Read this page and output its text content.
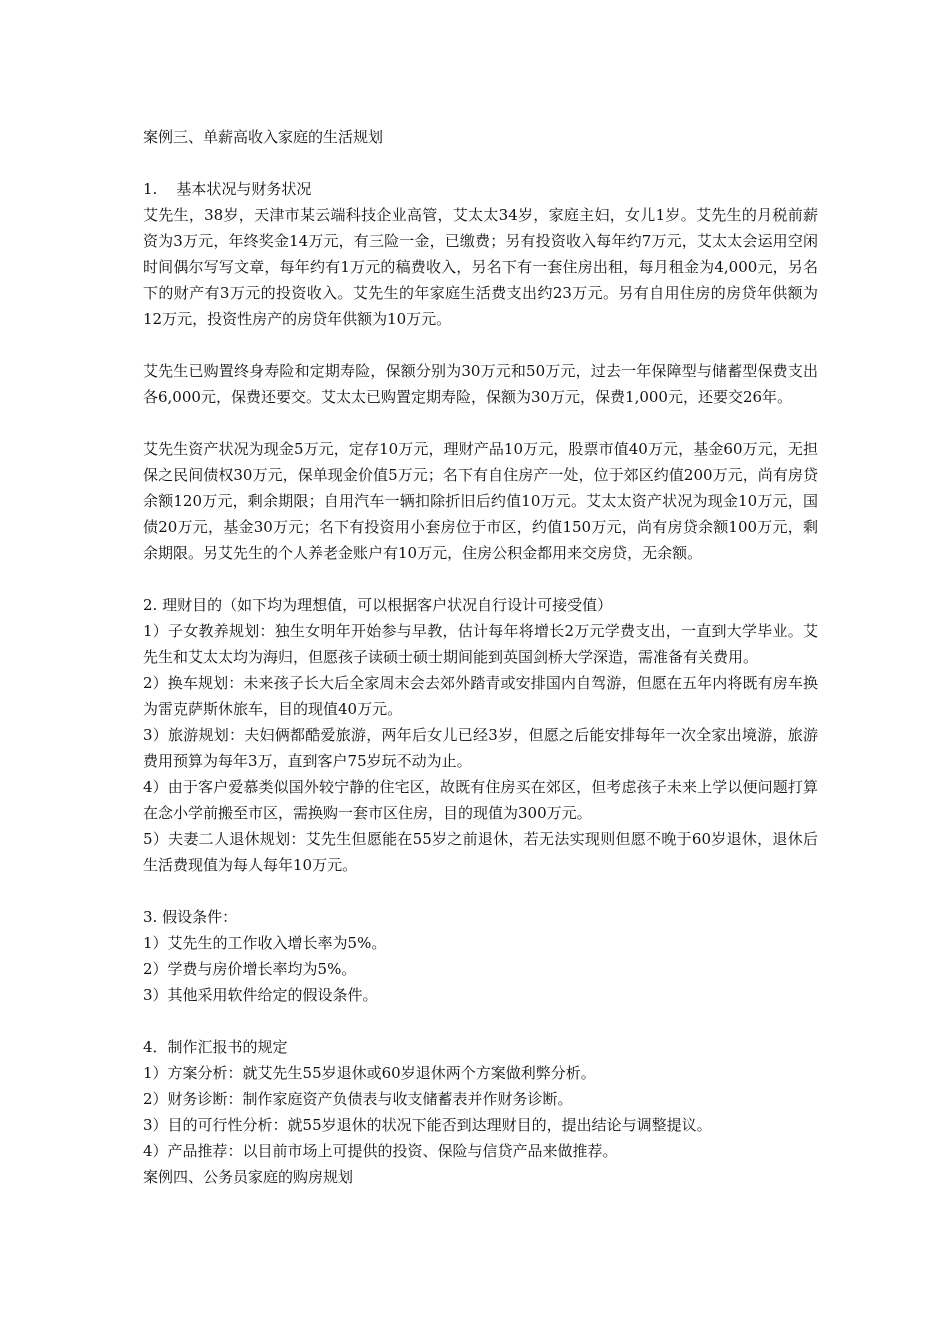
案例三、单薪高收入家庭的生活规划

1.    基本状况与财务状况

艾先生，38岁，天津市某云端科技企业高管，艾太太34岁，家庭主妇，女儿1岁。艾先生的月税前薪资为3万元，年终奖金14万元，有三险一金，已缴费；另有投资收入每年约7万元，艾太太会运用空闲时间偶尔写写文章，每年约有1万元的稿费收入，另名下有一套住房出租，每月租金为4,000元，另名下的财产有3万元的投资收入。艾先生的年家庭生活费支出约23万元。另有自用住房的房贷年供额为12万元，投资性房产的房贷年供额为10万元。

艾先生已购置终身寿险和定期寿险，保额分别为30万元和50万元，过去一年保障型与储蓄型保费支出各6,000元，保费还要交。艾太太已购置定期寿险，保额为30万元，保费1,000元，还要交26年。

艾先生资产状况为现金5万元，定存10万元，理财产品10万元，股票市值40万元，基金60万元，无担保之民间债权30万元，保单现金价值5万元；名下有自住房产一处，位于郊区约值200万元，尚有房贷余额120万元，剩余期限；自用汽车一辆扣除折旧后约值10万元。艾太太资产状况为现金10万元，国债20万元，基金30万元；名下有投资用小套房位于市区，约值150万元，尚有房贷余额100万元，剩余期限。另艾先生的个人养老金账户有10万元，住房公积金都用来交房贷，无余额。

2. 理财目的（如下均为理想值，可以根据客户状况自行设计可接受值）

1）子女教养规划：独生女明年开始参与早教，估计每年将增长2万元学费支出，一直到大学毕业。艾先生和艾太太均为海归，但愿孩子读硕士硕士期间能到英国剑桥大学深造，需准备有关费用。

2）换车规划：未来孩子长大后全家周末会去郊外踏青或安排国内自驾游，但愿在五年内将既有房车换为雷克萨斯休旅车，目的现值40万元。

3）旅游规划：夫妇俩都酷爱旅游，两年后女儿已经3岁，但愿之后能安排每年一次全家出境游，旅游费用预算为每年3万，直到客户75岁玩不动为止。

4）由于客户爱慕类似国外较宁静的住宅区，故既有住房买在郊区，但考虑孩子未来上学以便问题打算在念小学前搬至市区，需换购一套市区住房，目的现值为300万元。

5）夫妻二人退休规划：艾先生但愿能在55岁之前退休，若无法实现则但愿不晚于60岁退休，退休后生活费现值为每人每年10万元。

3. 假设条件：

1）艾先生的工作收入增长率为5%。

2）学费与房价增长率均为5%。

3）其他采用软件给定的假设条件。

4．制作汇报书的规定

1）方案分析：就艾先生55岁退休或60岁退休两个方案做利弊分析。

2）财务诊断：制作家庭资产负债表与收支储蓄表并作财务诊断。

3）目的可行性分析：就55岁退休的状况下能否到达理财目的，提出结论与调整提议。

4）产品推荐：以目前市场上可提供的投资、保险与信贷产品来做推荐。

案例四、公务员家庭的购房规划
